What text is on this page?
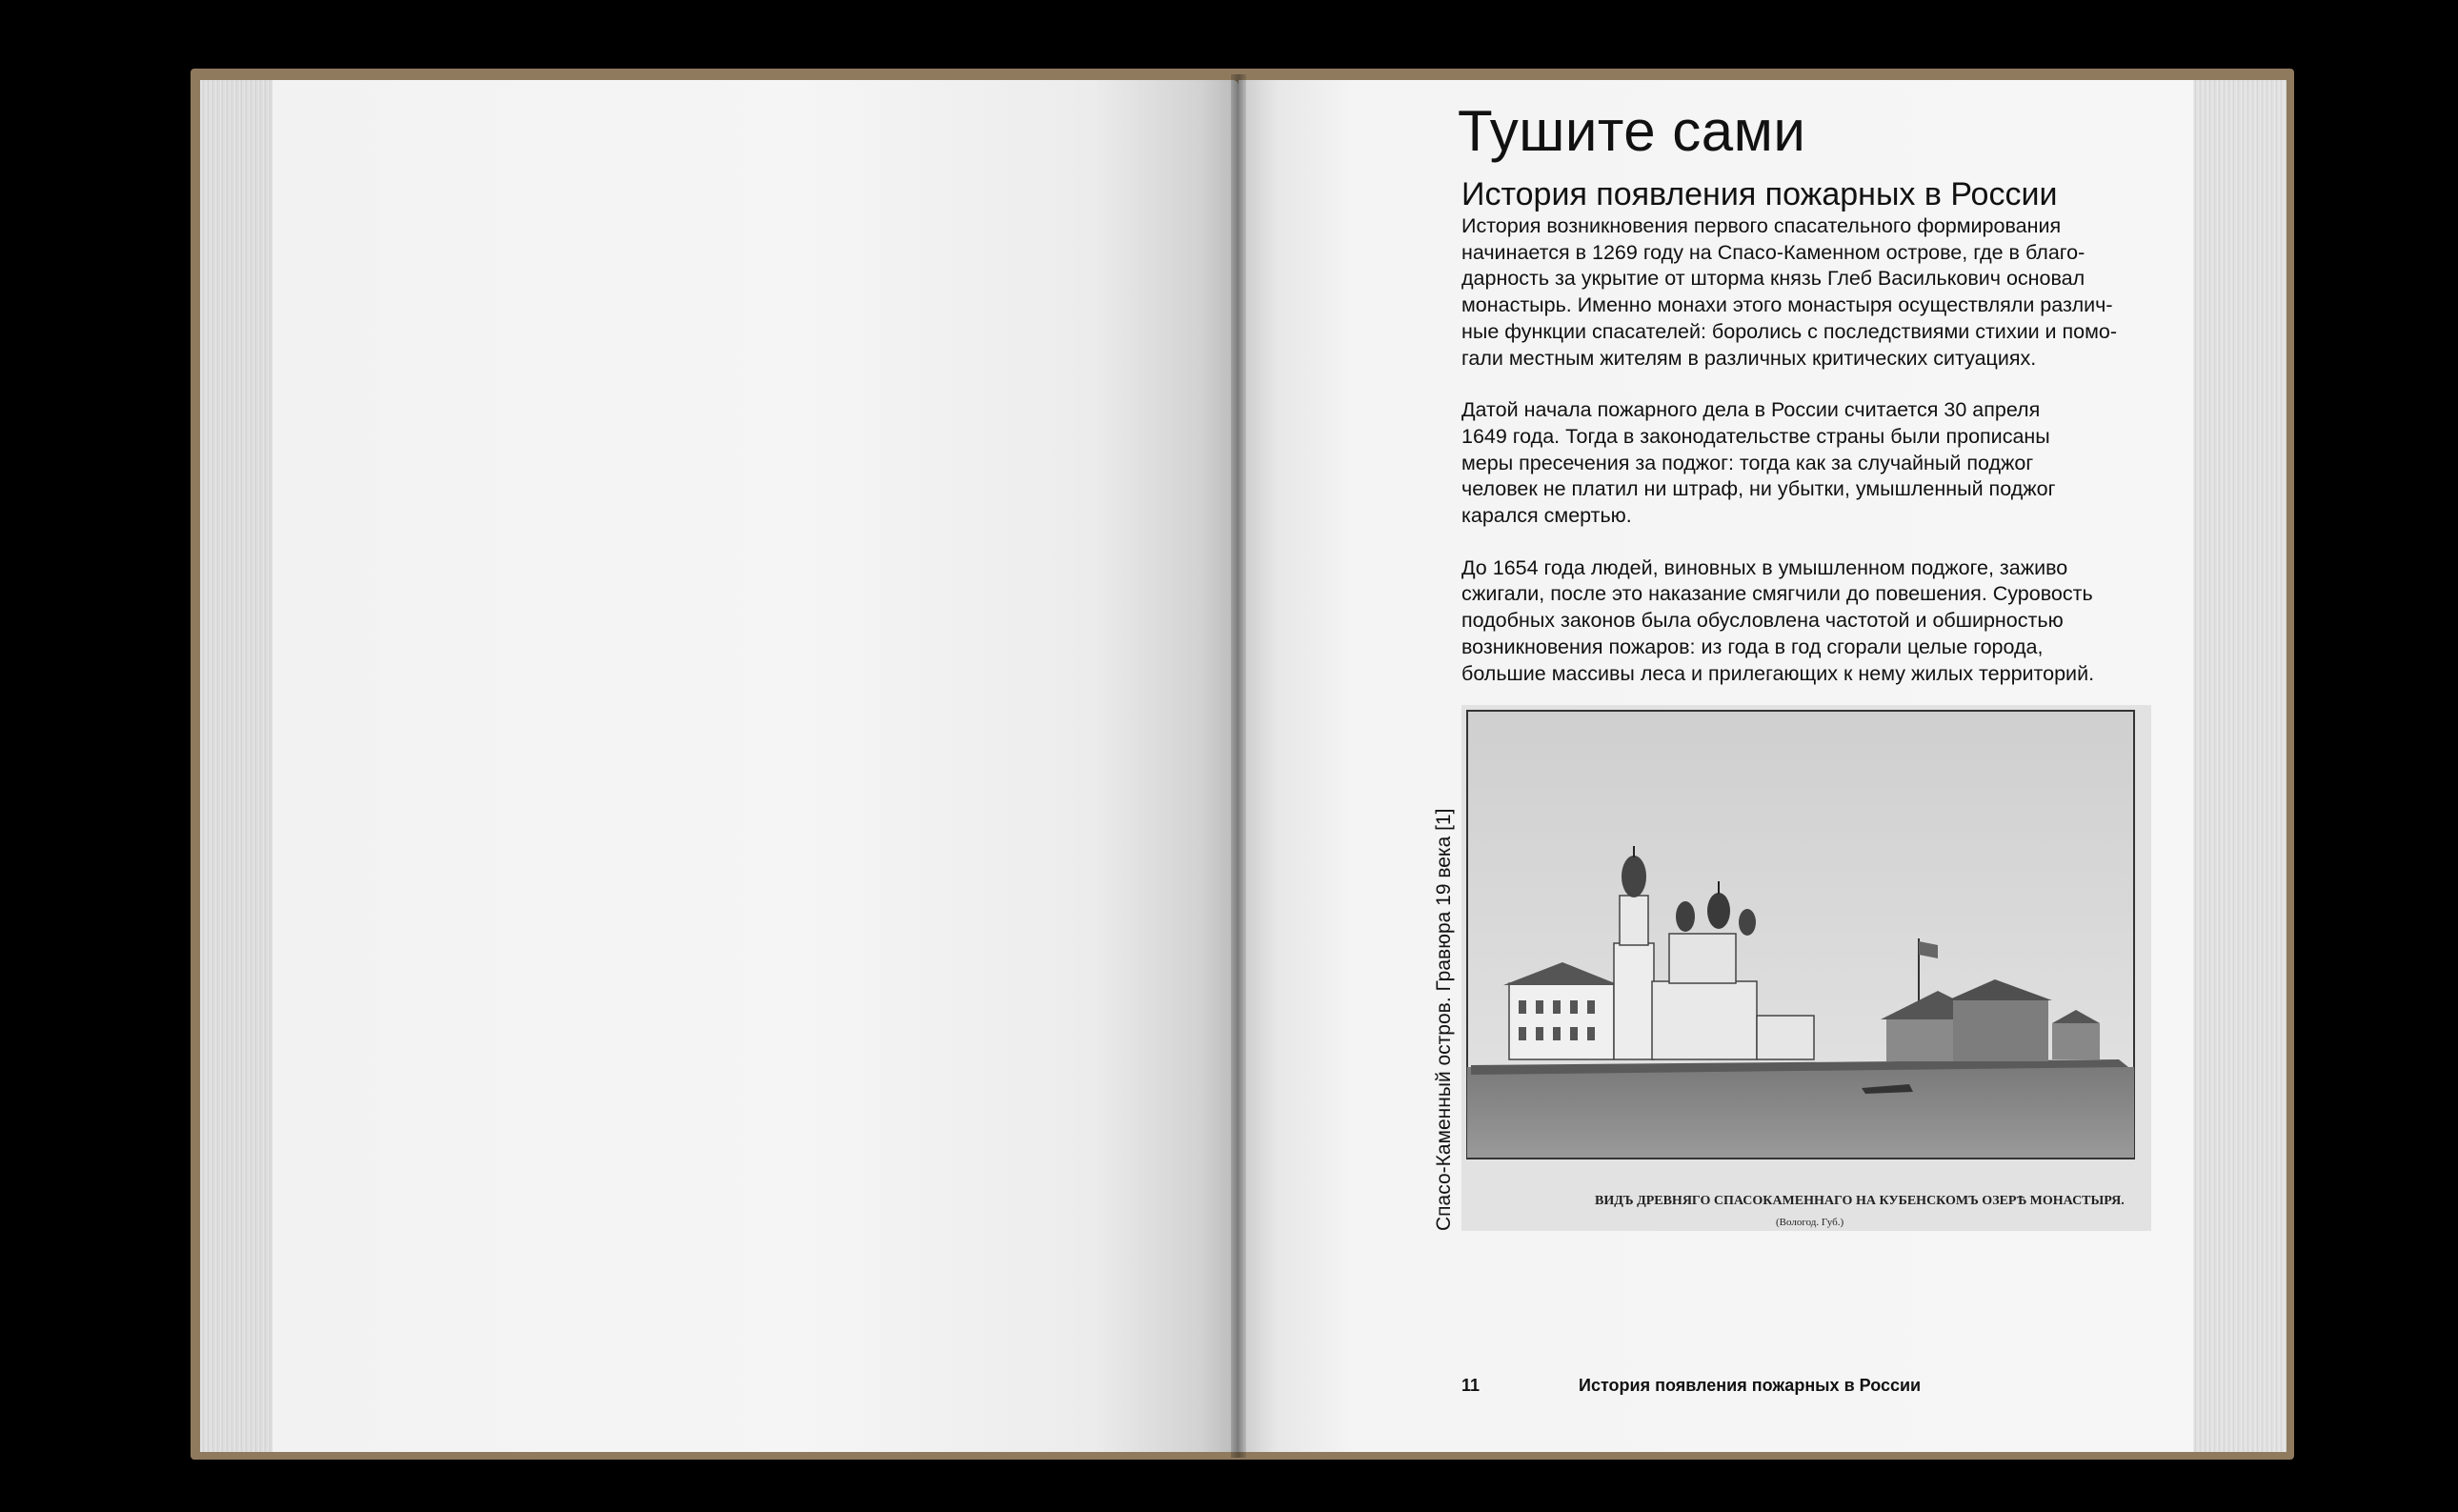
Тушите сами
История появления пожарных в России

История возникновения первого спасательного формирования
начинается в 1269 году на Спасо-Каменном острове, где в благо-
дарность за укрытие от шторма князь Глеб Василькович основал
монастырь. Именно монахи этого монастыря осуществляли различ-
ные функции спасателей: боролись с последствиями стихии и помо-
гали местным жителям в различных критических ситуациях.

Датой начала пожарного дела в России считается 30 апреля
1649 года. Тогда в законодательстве страны были прописаны
меры пресечения за поджог: тогда как за случайный поджог
человек не платил ни штраф, ни убытки, умышленный поджог
карался смертью.

До 1654 года людей, виновных в умышленном поджоге, заживо
сжигали, после это наказание смягчили до повешения. Суровость
подобных законов была обусловлена частотой и обширностью
возникновения пожаров: из года в год сгорали целые города,
большие массивы леса и прилегающих к нему жилых территорий.

ВИДЪ ДРЕВНЯГО СПАСОКАМЕННАГО НА КУБЕНСКОМЪ ОЗЕРѢ МОНАСТЫРЯ.
(Вологод. Губ.)
Спасо-Каменный остров. Гравюра 19 века [1]
11	История появления пожарных в России
